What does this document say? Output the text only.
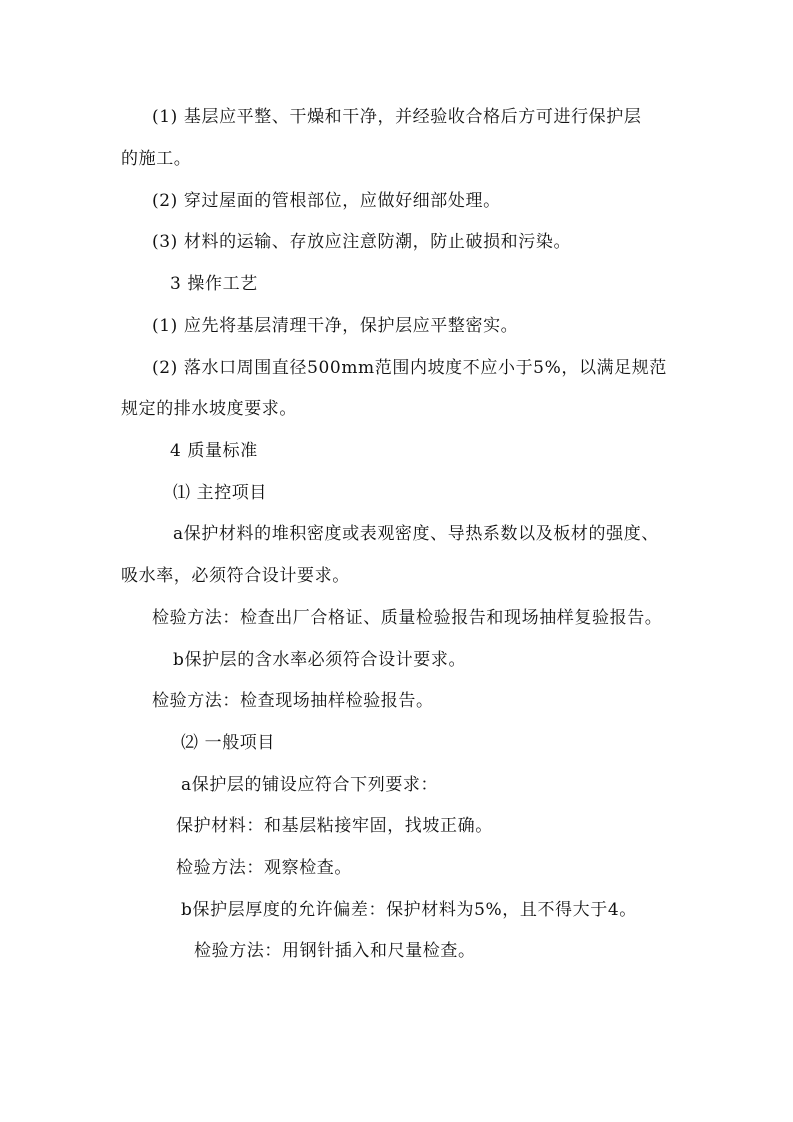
(1) 基层应平整、干燥和干净，并经验收合格后方可进行保护层
的施工。
(2) 穿过屋面的管根部位，应做好细部处理。
(3) 材料的运输、存放应注意防潮，防止破损和污染。
3 操作工艺
(1) 应先将基层清理干净，保护层应平整密实。
(2) 落水口周围直径500mm范围内坡度不应小于5%，以满足规范
规定的排水坡度要求。
4 质量标准
⑴ 主控项目
a保护材料的堆积密度或表观密度、导热系数以及板材的强度、
吸水率，必须符合设计要求。
检验方法：检查出厂合格证、质量检验报告和现场抽样复验报告。
b保护层的含水率必须符合设计要求。
检验方法：检查现场抽样检验报告。
⑵ 一般项目
a保护层的铺设应符合下列要求：
保护材料：和基层粘接牢固，找坡正确。
检验方法：观察检查。
b保护层厚度的允许偏差：保护材料为5%，且不得大于4。
检验方法：用钢针插入和尺量检查。
